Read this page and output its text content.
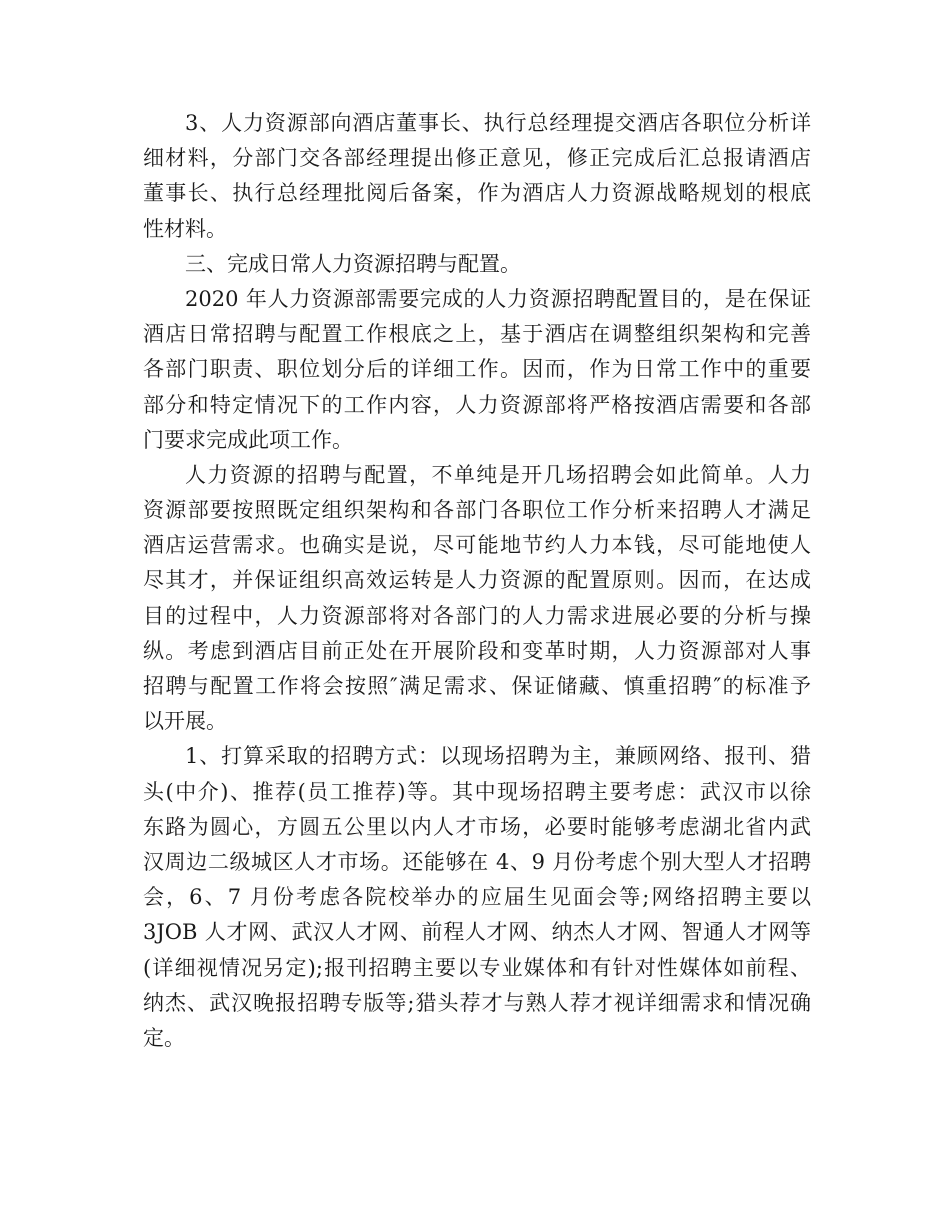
3、人力资源部向酒店董事长、执行总经理提交酒店各职位分析详
细材料，分部门交各部经理提出修正意见，修正完成后汇总报请酒店
董事长、执行总经理批阅后备案，作为酒店人力资源战略规划的根底
性材料。
三、完成日常人力资源招聘与配置。
2020 年人力资源部需要完成的人力资源招聘配置目的，是在保证
酒店日常招聘与配置工作根底之上，基于酒店在调整组织架构和完善
各部门职责、职位划分后的详细工作。因而，作为日常工作中的重要
部分和特定情况下的工作内容，人力资源部将严格按酒店需要和各部
门要求完成此项工作。
人力资源的招聘与配置，不单纯是开几场招聘会如此简单。人力
资源部要按照既定组织架构和各部门各职位工作分析来招聘人才满足
酒店运营需求。也确实是说，尽可能地节约人力本钱，尽可能地使人
尽其才，并保证组织高效运转是人力资源的配置原则。因而，在达成
目的过程中，人力资源部将对各部门的人力需求进展必要的分析与操
纵。考虑到酒店目前正处在开展阶段和变革时期，人力资源部对人事
招聘与配置工作将会按照″满足需求、保证储藏、慎重招聘″的标准予
以开展。
1、打算采取的招聘方式：以现场招聘为主，兼顾网络、报刊、猎
头(中介)、推荐(员工推荐)等。其中现场招聘主要考虑：武汉市以徐
东路为圆心，方圆五公里以内人才市场，必要时能够考虑湖北省内武
汉周边二级城区人才市场。还能够在 4、9 月份考虑个别大型人才招聘
会，6、7 月份考虑各院校举办的应届生见面会等;网络招聘主要以
3JOB 人才网、武汉人才网、前程人才网、纳杰人才网、智通人才网等
(详细视情况另定);报刊招聘主要以专业媒体和有针对性媒体如前程、
纳杰、武汉晚报招聘专版等;猎头荐才与熟人荐才视详细需求和情况确
定。
